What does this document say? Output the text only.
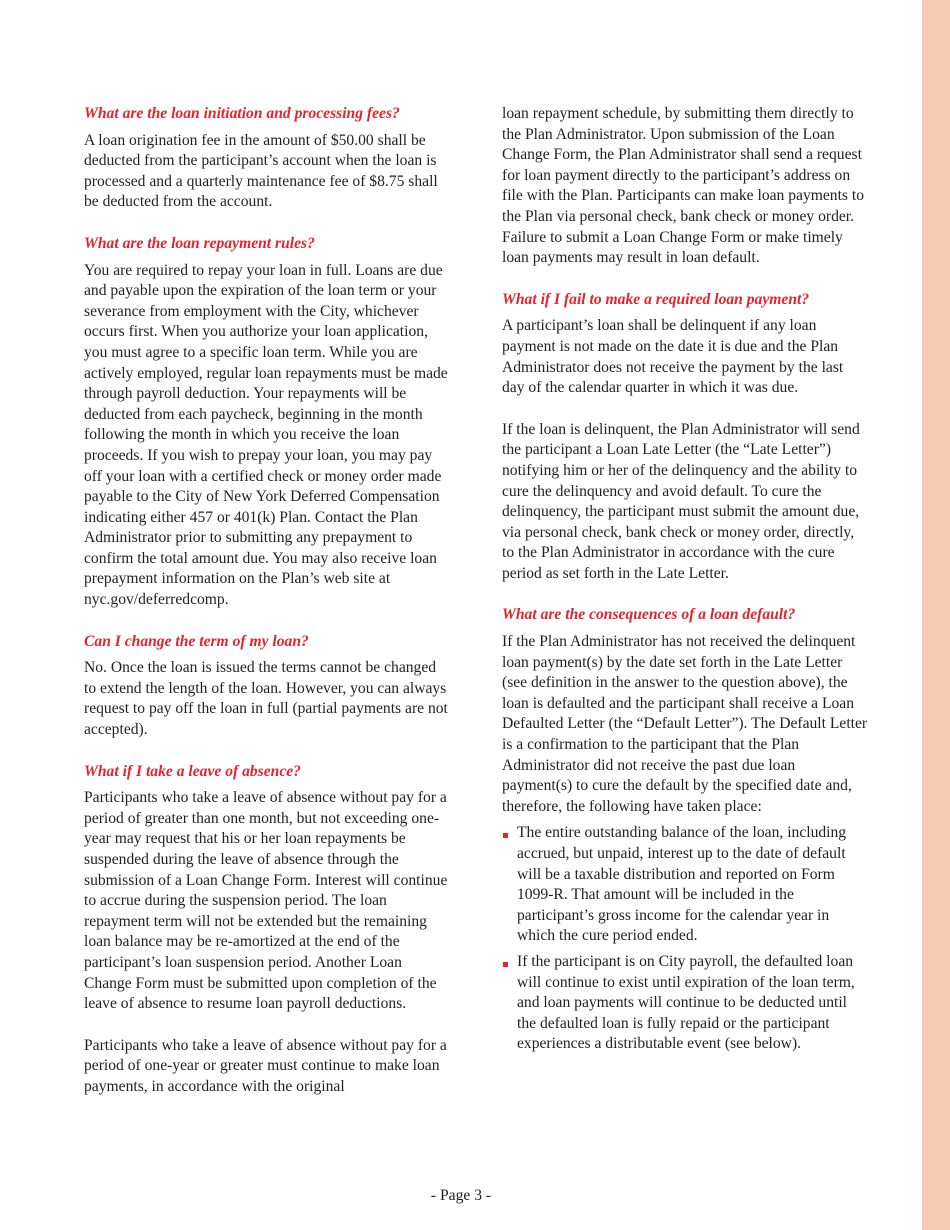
What are the loan initiation and processing fees?
A loan origination fee in the amount of $50.00 shall be deducted from the participant’s account when the loan is processed and a quarterly maintenance fee of $8.75 shall be deducted from the account.
What are the loan repayment rules?
You are required to repay your loan in full. Loans are due and payable upon the expiration of the loan term or your severance from employment with the City, whichever occurs first. When you authorize your loan application, you must agree to a specific loan term. While you are actively employed, regular loan repayments must be made through payroll deduction. Your repayments will be deducted from each paycheck, beginning in the month following the month in which you receive the loan proceeds. If you wish to prepay your loan, you may pay off your loan with a certified check or money order made payable to the City of New York Deferred Compensation indicating either 457 or 401(k) Plan. Contact the Plan Administrator prior to submitting any prepayment to confirm the total amount due. You may also receive loan prepayment information on the Plan’s web site at nyc.gov/deferredcomp.
Can I change the term of my loan?
No. Once the loan is issued the terms cannot be changed to extend the length of the loan. However, you can always request to pay off the loan in full (partial payments are not accepted).
What if I take a leave of absence?
Participants who take a leave of absence without pay for a period of greater than one month, but not exceeding one-year may request that his or her loan repayments be suspended during the leave of absence through the submission of a Loan Change Form. Interest will continue to accrue during the suspension period. The loan repayment term will not be extended but the remaining loan balance may be re-amortized at the end of the participant’s loan suspension period. Another Loan Change Form must be submitted upon completion of the leave of absence to resume loan payroll deductions.
Participants who take a leave of absence without pay for a period of one-year or greater must continue to make loan payments, in accordance with the original
loan repayment schedule, by submitting them directly to the Plan Administrator. Upon submission of the Loan Change Form, the Plan Administrator shall send a request for loan payment directly to the participant’s address on file with the Plan. Participants can make loan payments to the Plan via personal check, bank check or money order. Failure to submit a Loan Change Form or make timely loan payments may result in loan default.
What if I fail to make a required loan payment?
A participant’s loan shall be delinquent if any loan payment is not made on the date it is due and the Plan Administrator does not receive the payment by the last day of the calendar quarter in which it was due.
If the loan is delinquent, the Plan Administrator will send the participant a Loan Late Letter (the “Late Letter”) notifying him or her of the delinquency and the ability to cure the delinquency and avoid default. To cure the delinquency, the participant must submit the amount due, via personal check, bank check or money order, directly, to the Plan Administrator in accordance with the cure period as set forth in the Late Letter.
What are the consequences of a loan default?
If the Plan Administrator has not received the delinquent loan payment(s) by the date set forth in the Late Letter (see definition in the answer to the question above), the loan is defaulted and the participant shall receive a Loan Defaulted Letter (the “Default Letter”). The Default Letter is a confirmation to the participant that the Plan Administrator did not receive the past due loan payment(s) to cure the default by the specified date and, therefore, the following have taken place:
The entire outstanding balance of the loan, including accrued, but unpaid, interest up to the date of default will be a taxable distribution and reported on Form 1099-R. That amount will be included in the participant’s gross income for the calendar year in which the cure period ended.
If the participant is on City payroll, the defaulted loan will continue to exist until expiration of the loan term, and loan payments will continue to be deducted until the defaulted loan is fully repaid or the participant experiences a distributable event (see below).
- Page 3 -
